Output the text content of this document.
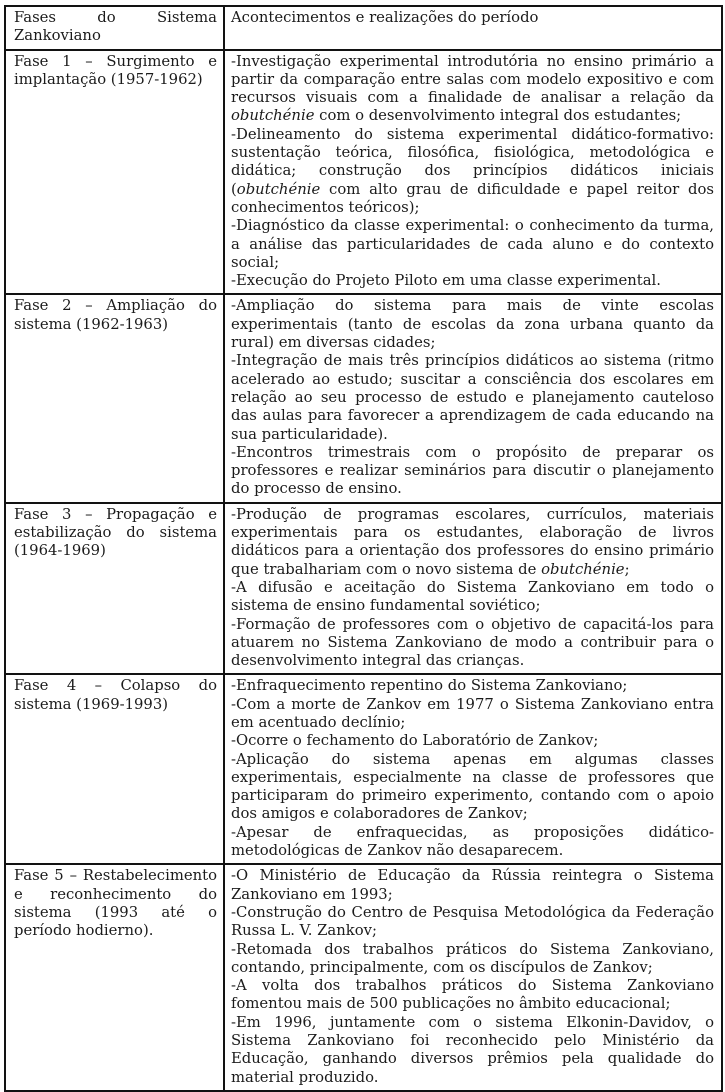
Fases do Sistema Zankoviano	Acontecimentos e realizações do período

Fase 1 – Surgimento e implantação (1957-1962)	-Investigação experimental introdutória no ensino primário a partir da comparação entre salas com modelo expositivo e com recursos visuais com a finalidade de analisar a relação da obutchénie com o desenvolvimento integral dos estudantes;

-Delineamento do sistema experimental didático-formativo: sustentação teórica, filosófica, fisiológica, metodológica e didática; construção dos princípios didáticos iniciais (obutchénie com alto grau de dificuldade e papel reitor dos conhecimentos teóricos);

-Diagnóstico da classe experimental: o conhecimento da turma, a análise das particularidades de cada aluno e do contexto social;

-Execução do Projeto Piloto em uma classe experimental.

Fase 2 – Ampliação do sistema (1962-1963)	-Ampliação do sistema para mais de vinte escolas experimentais (tanto de escolas da zona urbana quanto da rural) em diversas cidades;

-Integração de mais três princípios didáticos ao sistema (ritmo acelerado ao estudo; suscitar a consciência dos escolares em relação ao seu processo de estudo e planejamento cauteloso das aulas para favorecer a aprendizagem de cada educando na sua particularidade).

-Encontros trimestrais com o propósito de preparar os professores e realizar seminários para discutir o planejamento do processo de ensino.

Fase 3 – Propagação e estabilização do sistema (1964-1969)	-Produção de programas escolares, currículos, materiais experimentais para os estudantes, elaboração de livros didáticos para a orientação dos professores do ensino primário que trabalhariam com o novo sistema de obutchénie;

-A difusão e aceitação do Sistema Zankoviano em todo o sistema de ensino fundamental soviético;

-Formação de professores com o objetivo de capacitá-los para atuarem no Sistema Zankoviano de modo a contribuir para o desenvolvimento integral das crianças.

Fase 4 – Colapso do sistema (1969-1993)	-Enfraquecimento repentino do Sistema Zankoviano;

-Com a morte de Zankov em 1977 o Sistema Zankoviano entra em acentuado declínio;

-Ocorre o fechamento do Laboratório de Zankov;

-Aplicação do sistema apenas em algumas classes experimentais, especialmente na classe de professores que participaram do primeiro experimento, contando com o apoio dos amigos e colaboradores de Zankov;

-Apesar de enfraquecidas, as proposições didático-metodológicas de Zankov não desaparecem.

Fase 5 – Restabelecimento e reconhecimento do sistema (1993 até o período hodierno).	-O Ministério de Educação da Rússia reintegra o Sistema Zankoviano em 1993;

-Construção do Centro de Pesquisa Metodológica da Federação Russa L. V. Zankov;

-Retomada dos trabalhos práticos do Sistema Zankoviano, contando, principalmente, com os discípulos de Zankov;

-A volta dos trabalhos práticos do Sistema Zankoviano fomentou mais de 500 publicações no âmbito educacional;

-Em 1996, juntamente com o sistema Elkonin-Davidov, o Sistema Zankoviano foi reconhecido pelo Ministério da Educação, ganhando diversos prêmios pela qualidade do material produzido.
